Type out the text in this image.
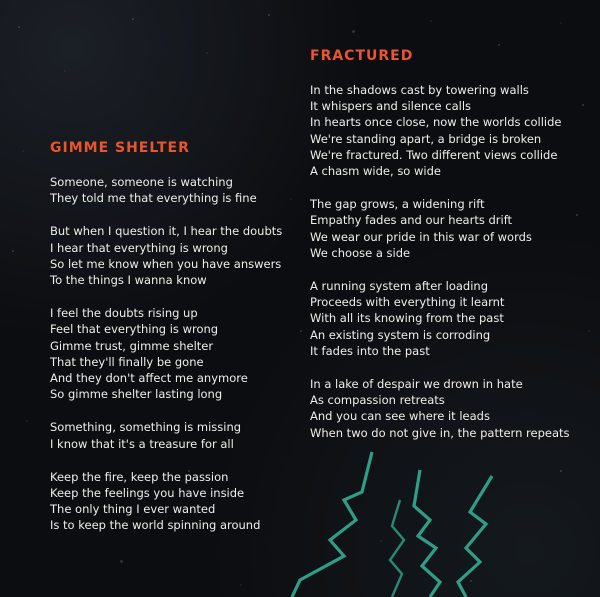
GIMME SHELTER
Someone, someone is watching
They told me that everything is fine
But when I question it, I hear the doubts
I hear that everything is wrong
So let me know when you have answers
To the things I wanna know
I feel the doubts rising up
Feel that everything is wrong
Gimme trust, gimme shelter
That they'll finally be gone
And they don't affect me anymore
So gimme shelter lasting long
Something, something is missing
I know that it's a treasure for all
Keep the fire, keep the passion
Keep the feelings you have inside
The only thing I ever wanted
Is to keep the world spinning around
FRACTURED
In the shadows cast by towering walls
It whispers and silence calls
In hearts once close, now the worlds collide
We're standing apart, a bridge is broken
We're fractured. Two different views collide
A chasm wide, so wide
The gap grows, a widening rift
Empathy fades and our hearts drift
We wear our pride in this war of words
We choose a side
A running system after loading
Proceeds with everything it learnt
With all its knowing from the past
An existing system is corroding
It fades into the past
In a lake of despair we drown in hate
As compassion retreats
And you can see where it leads
When two do not give in, the pattern repeats
